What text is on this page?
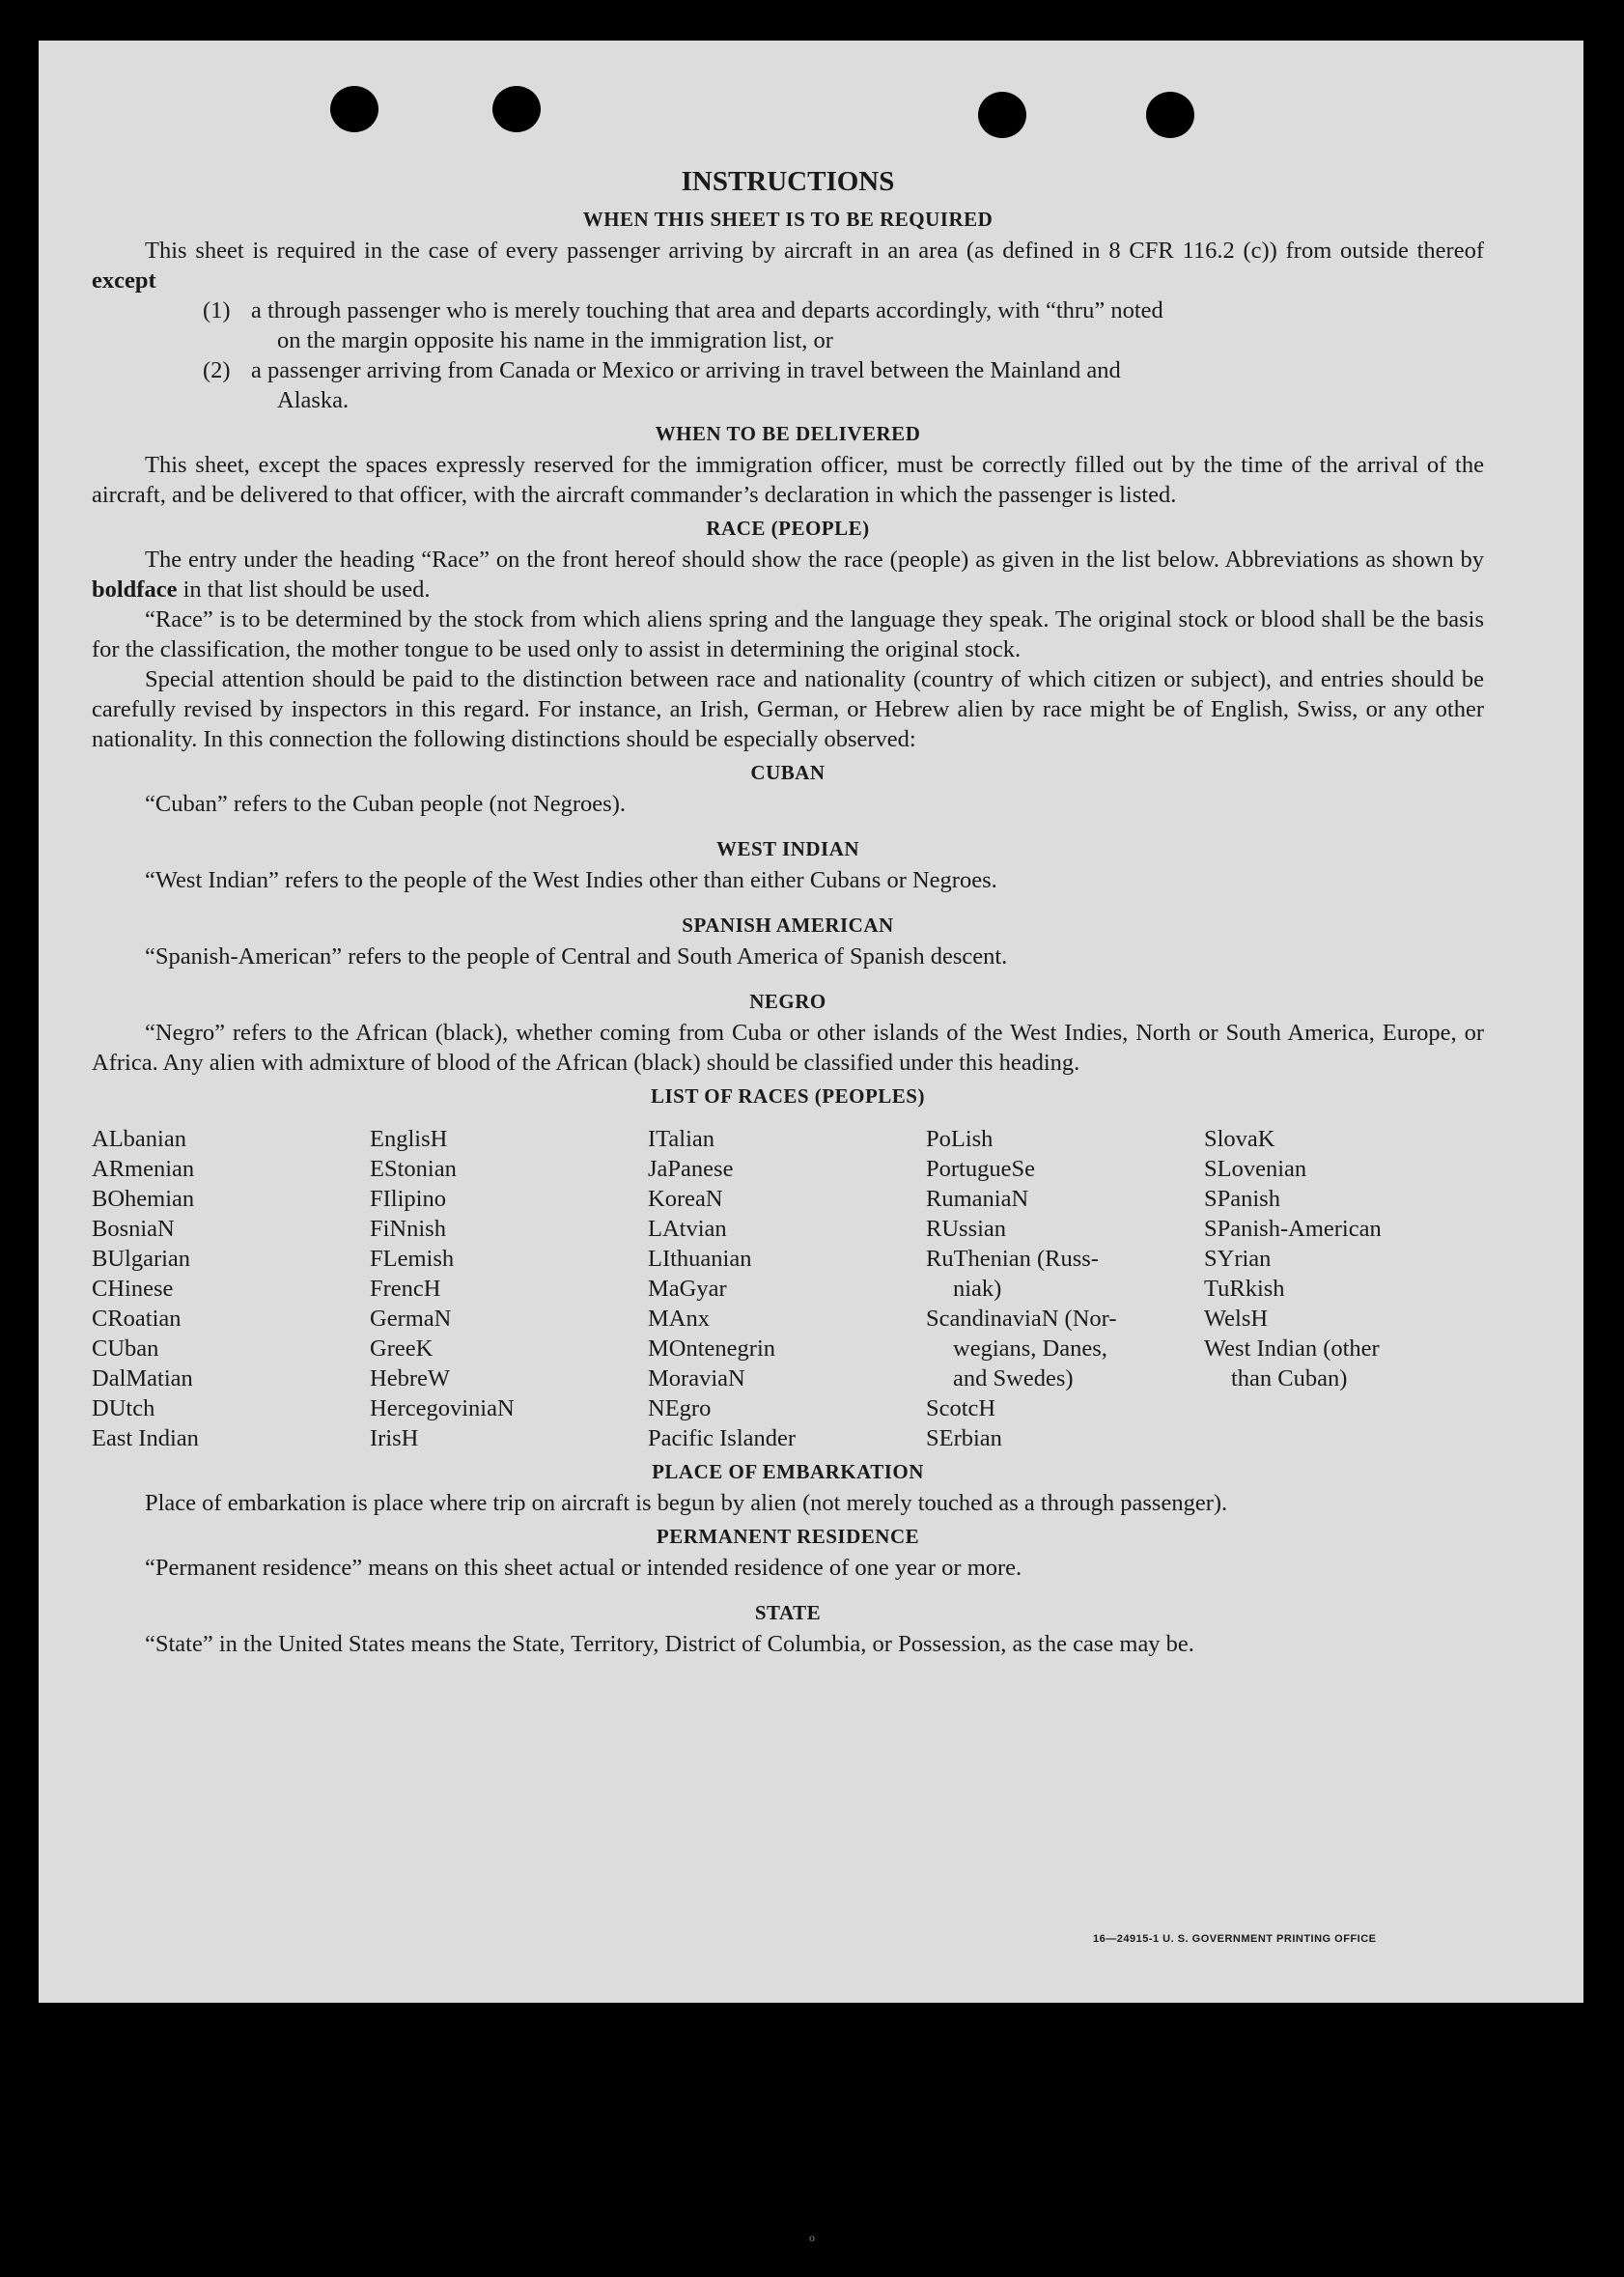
INSTRUCTIONS
WHEN THIS SHEET IS TO BE REQUIRED

This sheet is required in the case of every passenger arriving by aircraft in an area (as defined in 8 CFR 116.2 (c)) from outside thereof except

(1) a through passenger who is merely touching that area and departs accordingly, with “thru” noted
on the margin opposite his name in the immigration list, or
(2) a passenger arriving from Canada or Mexico or arriving in travel between the Mainland and
Alaska.
WHEN TO BE DELIVERED

This sheet, except the spaces expressly reserved for the immigration officer, must be correctly filled out by the time of the arrival of the aircraft, and be delivered to that officer, with the aircraft commander’s declaration in which the passenger is listed.

RACE (PEOPLE)

The entry under the heading “Race” on the front hereof should show the race (people) as given in the list below. Abbreviations as shown by boldface in that list should be used.

“Race” is to be determined by the stock from which aliens spring and the language they speak. The original stock or blood shall be the basis for the classification, the mother tongue to be used only to assist in determining the original stock.

Special attention should be paid to the distinction between race and nationality (country of which citizen or subject), and entries should be carefully revised by inspectors in this regard. For instance, an Irish, German, or Hebrew alien by race might be of English, Swiss, or any other nationality. In this connection the following distinctions should be especially observed:

CUBAN

“Cuban” refers to the Cuban people (not Negroes).

WEST INDIAN

“West Indian” refers to the people of the West Indies other than either Cubans or Negroes.

SPANISH AMERICAN

“Spanish-American” refers to the people of Central and South America of Spanish descent.

NEGRO

“Negro” refers to the African (black), whether coming from Cuba or other islands of the West Indies, North or South America, Europe, or Africa. Any alien with admixture of blood of the African (black) should be classified under this heading.

LIST OF RACES (PEOPLES)
ALbanian
ARmenian
BOhemian
BosniaN
BUlgarian
CHinese
CRoatian
CUban
DalMatian
DUtch
East Indian
EnglisH
EStonian
FIlipino
FiNnish
FLemish
FrencH
GermaN
GreeK
HebreW
HercegoviniaN
IrisH
ITalian
JaPanese
KoreaN
LAtvian
LIthuanian
MaGyar
MAnx
MOntenegrin
MoraviaN
NEgro
Pacific Islander
PoLish
PortugueSe
RumaniaN
RUssian
RuThenian (Russ-
niak)
ScandinaviaN (Nor-
wegians, Danes,
and Swedes)
ScotcH
SErbian
SlovaK
SLovenian
SPanish
SPanish-American
SYrian
TuRkish
WelsH
West Indian (other
than Cuban)
PLACE OF EMBARKATION

Place of embarkation is place where trip on aircraft is begun by alien (not merely touched as a through passenger).

PERMANENT RESIDENCE

“Permanent residence” means on this sheet actual or intended residence of one year or more.

STATE

“State” in the United States means the State, Territory, District of Columbia, or Possession, as the case may be.

16—24915-1 U. S. GOVERNMENT PRINTING OFFICE
o
